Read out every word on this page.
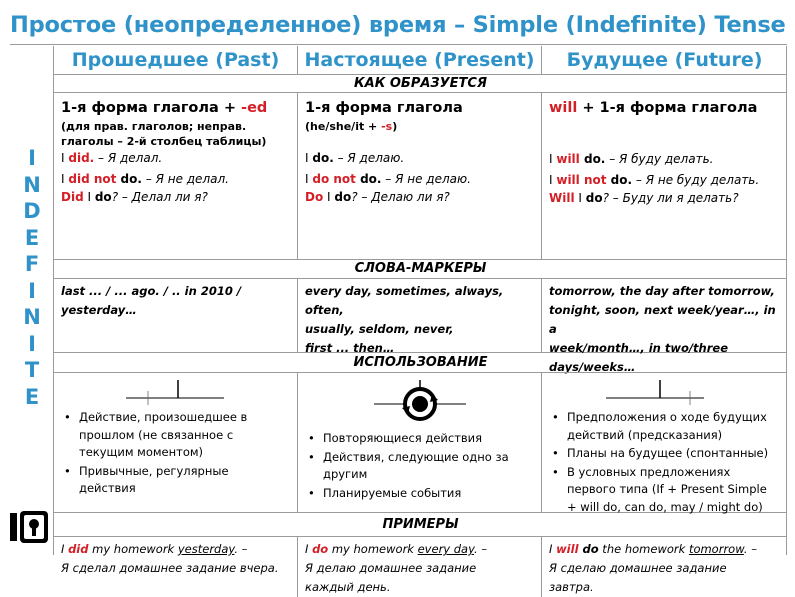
Простое (неопределенное) время – Simple (Indefinite) Tense
I
N
D
E
F
I
N
I
T
E
Прошедшее (Past)	Настоящее (Present)	Будущее (Future)
КАК ОБРАЗУЕТСЯ
1-я форма глагола + -ed
(для прав. глаголов; неправ.
глаголы – 2-й столбец таблицы)
I did. – Я делал.
I did not do. – Я не делал.
Did I do? – Делал ли я?
1-я форма глагола
(he/she/it + -s)
I do. – Я делаю.
I do not do. – Я не делаю.
Do I do? – Делаю ли я?
will + 1-я форма глагола
I will do. – Я буду делать.
I will not do. – Я не буду делать.
Will I do? – Буду ли я делать?
СЛОВА-МАРКЕРЫ
last ... / ... ago. / .. in 2010 /
yesterday…
every day, sometimes, always, often,
usually, seldom, never,
first ... then…
tomorrow, the day after tomorrow,
tonight, soon, next week/year…, in a
week/month…, in two/three
days/weeks…
ИСПОЛЬЗОВАНИЕ
• Действие, произошедшее в
прошлом (не связанное с
текущим моментом)
• Привычные, регулярные
действия
• Повторяющиеся действия
• Действия, следующие одно за
другим
• Планируемые события
• Предположения о ходе будущих
действий (предсказания)
• Планы на будущее (спонтанные)
• В условных предложениях
первого типа (If + Present Simple
+ will do, can do, may / might do)
ПРИМЕРЫ
I did my homework yesterday. –
Я сделал домашнее задание вчера.
I do my homework every day. –
Я делаю домашнее задание
каждый день.
I will do the homework tomorrow. –
Я сделаю домашнее задание
завтра.
